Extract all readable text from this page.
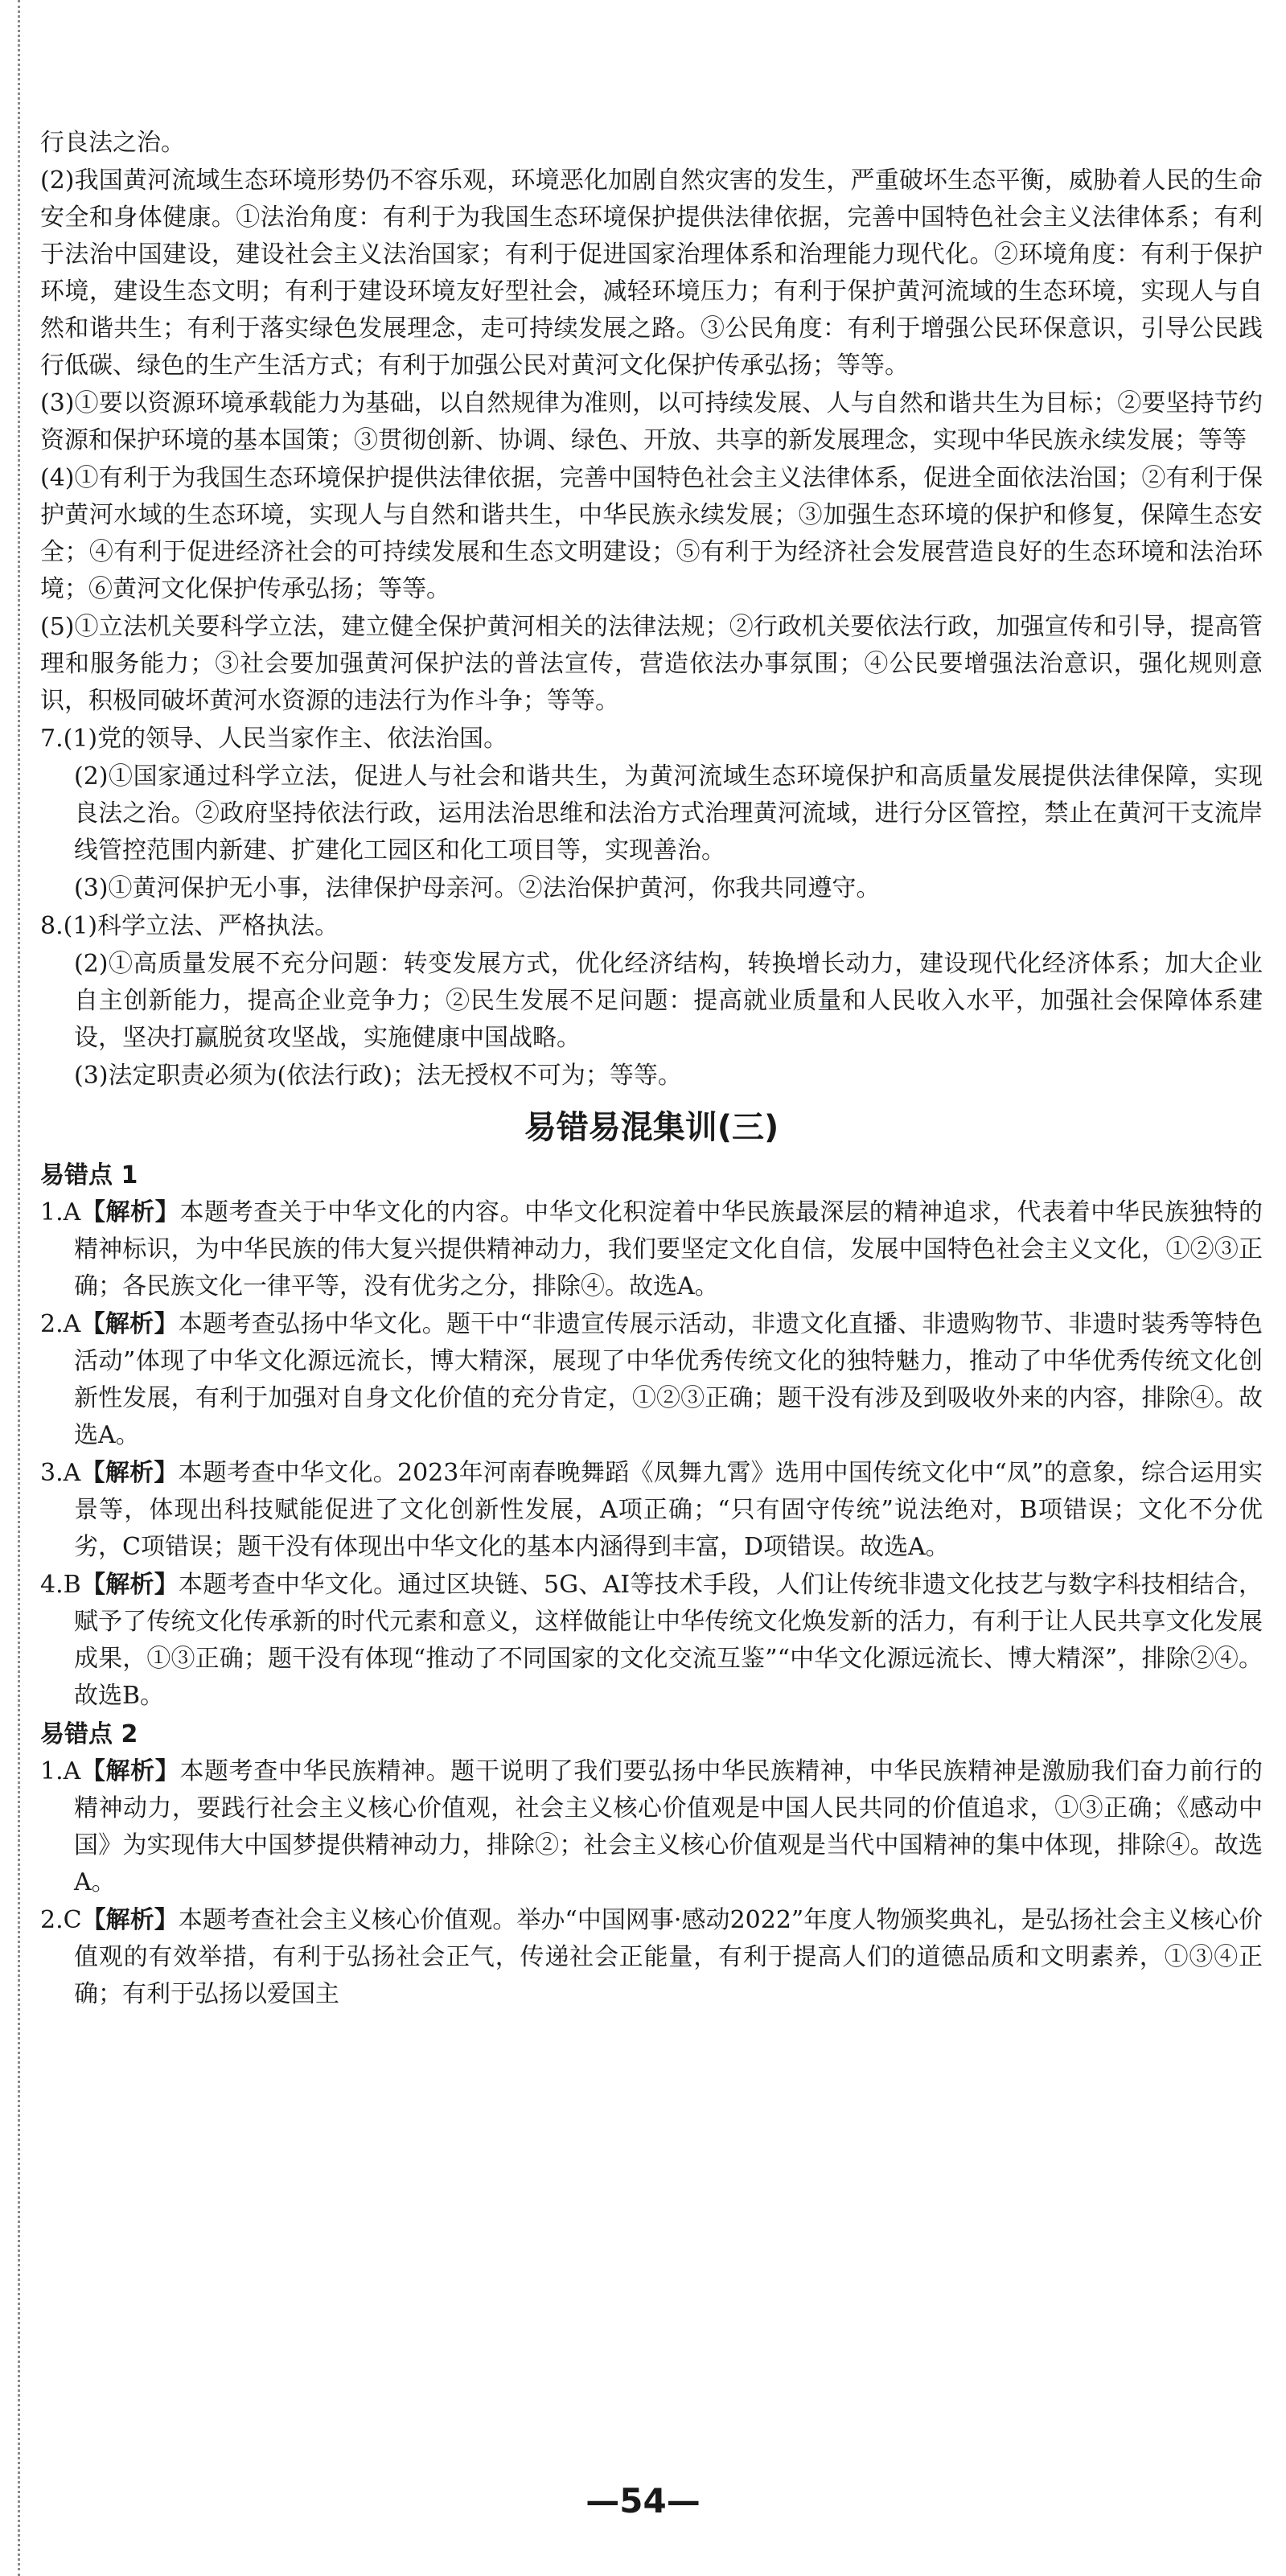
行良法之治。

(2)我国黄河流域生态环境形势仍不容乐观，环境恶化加剧自然灾害的发生，严重破坏生态平衡，威胁着人民的生命安全和身体健康。①法治角度：有利于为我国生态环境保护提供法律依据，完善中国特色社会主义法律体系；有利于法治中国建设，建设社会主义法治国家；有利于促进国家治理体系和治理能力现代化。②环境角度：有利于保护环境，建设生态文明；有利于建设环境友好型社会，减轻环境压力；有利于保护黄河流域的生态环境，实现人与自然和谐共生；有利于落实绿色发展理念，走可持续发展之路。③公民角度：有利于增强公民环保意识，引导公民践行低碳、绿色的生产生活方式；有利于加强公民对黄河文化保护传承弘扬；等等。

(3)①要以资源环境承载能力为基础，以自然规律为准则，以可持续发展、人与自然和谐共生为目标；②要坚持节约资源和保护环境的基本国策；③贯彻创新、协调、绿色、开放、共享的新发展理念，实现中华民族永续发展；等等

(4)①有利于为我国生态环境保护提供法律依据，完善中国特色社会主义法律体系，促进全面依法治国；②有利于保护黄河水域的生态环境，实现人与自然和谐共生，中华民族永续发展；③加强生态环境的保护和修复，保障生态安全；④有利于促进经济社会的可持续发展和生态文明建设；⑤有利于为经济社会发展营造良好的生态环境和法治环境；⑥黄河文化保护传承弘扬；等等。

(5)①立法机关要科学立法，建立健全保护黄河相关的法律法规；②行政机关要依法行政，加强宣传和引导，提高管理和服务能力；③社会要加强黄河保护法的普法宣传，营造依法办事氛围；④公民要增强法治意识，强化规则意识，积极同破坏黄河水资源的违法行为作斗争；等等。

7.(1)党的领导、人民当家作主、依法治国。

(2)①国家通过科学立法，促进人与社会和谐共生，为黄河流域生态环境保护和高质量发展提供法律保障，实现良法之治。②政府坚持依法行政，运用法治思维和法治方式治理黄河流域，进行分区管控，禁止在黄河干支流岸线管控范围内新建、扩建化工园区和化工项目等，实现善治。

(3)①黄河保护无小事，法律保护母亲河。②法治保护黄河，你我共同遵守。

8.(1)科学立法、严格执法。

(2)①高质量发展不充分问题：转变发展方式，优化经济结构，转换增长动力，建设现代化经济体系；加大企业自主创新能力，提高企业竞争力；②民生发展不足问题：提高就业质量和人民收入水平，加强社会保障体系建设，坚决打赢脱贫攻坚战，实施健康中国战略。

(3)法定职责必须为(依法行政)；法无授权不可为；等等。

易错易混集训(三)
易错点 1

1.A【解析】本题考查关于中华文化的内容。中华文化积淀着中华民族最深层的精神追求，代表着中华民族独特的精神标识，为中华民族的伟大复兴提供精神动力，我们要坚定文化自信，发展中国特色社会主义文化，①②③正确；各民族文化一律平等，没有优劣之分，排除④。故选A。

2.A【解析】本题考查弘扬中华文化。题干中“非遗宣传展示活动，非遗文化直播、非遗购物节、非遗时装秀等特色活动”体现了中华文化源远流长，博大精深，展现了中华优秀传统文化的独特魅力，推动了中华优秀传统文化创新性发展，有利于加强对自身文化价值的充分肯定，①②③正确；题干没有涉及到吸收外来的内容，排除④。故选A。

3.A【解析】本题考查中华文化。2023年河南春晚舞蹈《凤舞九霄》选用中国传统文化中“凤”的意象，综合运用实景等，体现出科技赋能促进了文化创新性发展，A项正确；“只有固守传统”说法绝对，B项错误；文化不分优劣，C项错误；题干没有体现出中华文化的基本内涵得到丰富，D项错误。故选A。

4.B【解析】本题考查中华文化。通过区块链、5G、AI等技术手段，人们让传统非遗文化技艺与数字科技相结合，赋予了传统文化传承新的时代元素和意义，这样做能让中华传统文化焕发新的活力，有利于让人民共享文化发展成果，①③正确；题干没有体现“推动了不同国家的文化交流互鉴”“中华文化源远流长、博大精深”，排除②④。故选B。

易错点 2

1.A【解析】本题考查中华民族精神。题干说明了我们要弘扬中华民族精神，中华民族精神是激励我们奋力前行的精神动力，要践行社会主义核心价值观，社会主义核心价值观是中国人民共同的价值追求，①③正确；《感动中国》为实现伟大中国梦提供精神动力，排除②；社会主义核心价值观是当代中国精神的集中体现，排除④。故选A。

2.C【解析】本题考查社会主义核心价值观。举办“中国网事·感动2022”年度人物颁奖典礼，是弘扬社会主义核心价值观的有效举措，有利于弘扬社会正气，传递社会正能量，有利于提高人们的道德品质和文明素养，①③④正确；有利于弘扬以爱国主

—54—
